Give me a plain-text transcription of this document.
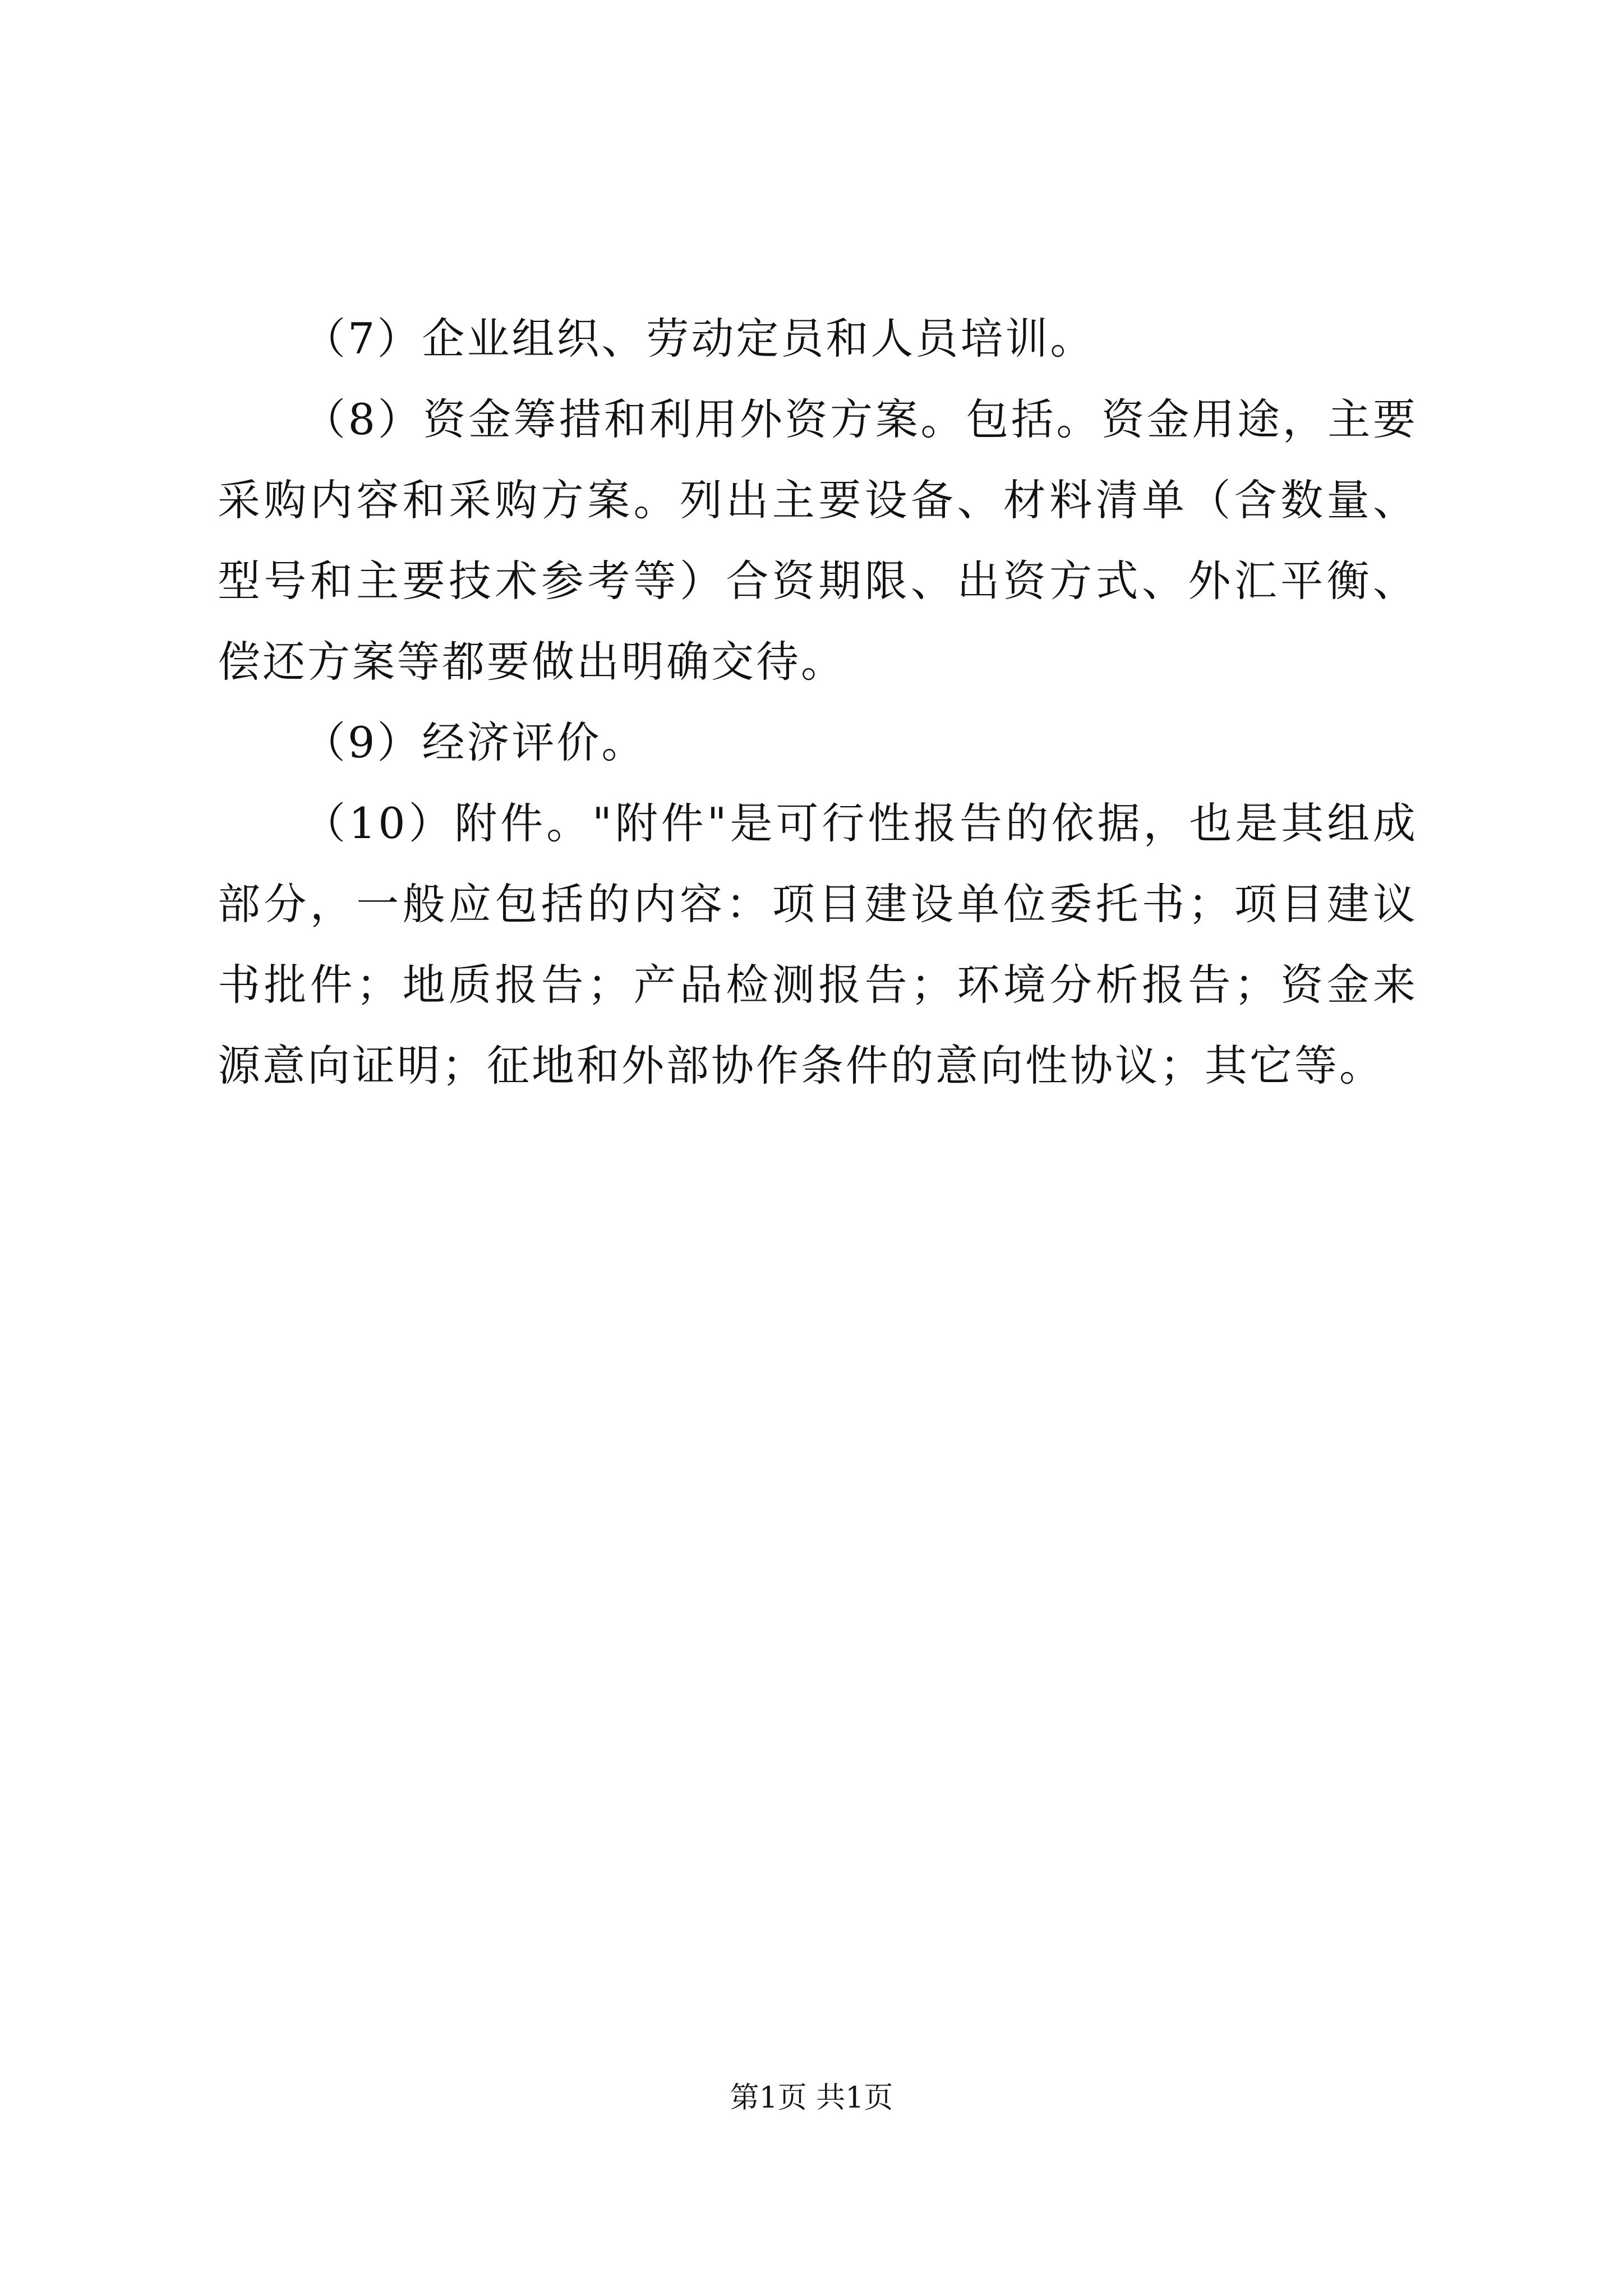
（7）企业组织、劳动定员和人员培训。

（8）资金筹措和利用外资方案。包括。资金用途，主要采购内容和采购方案。列出主要设备、材料清单（含数量、型号和主要技术参考等）合资期限、出资方式、外汇平衡、偿还方案等都要做出明确交待。

（9）经济评价。

（10）附件。"附件"是可行性报告的依据，也是其组成部分，一般应包括的内容：项目建设单位委托书；项目建议书批件；地质报告；产品检测报告；环境分析报告；资金来源意向证明；征地和外部协作条件的意向性协议；其它等。

第1页 共1页
